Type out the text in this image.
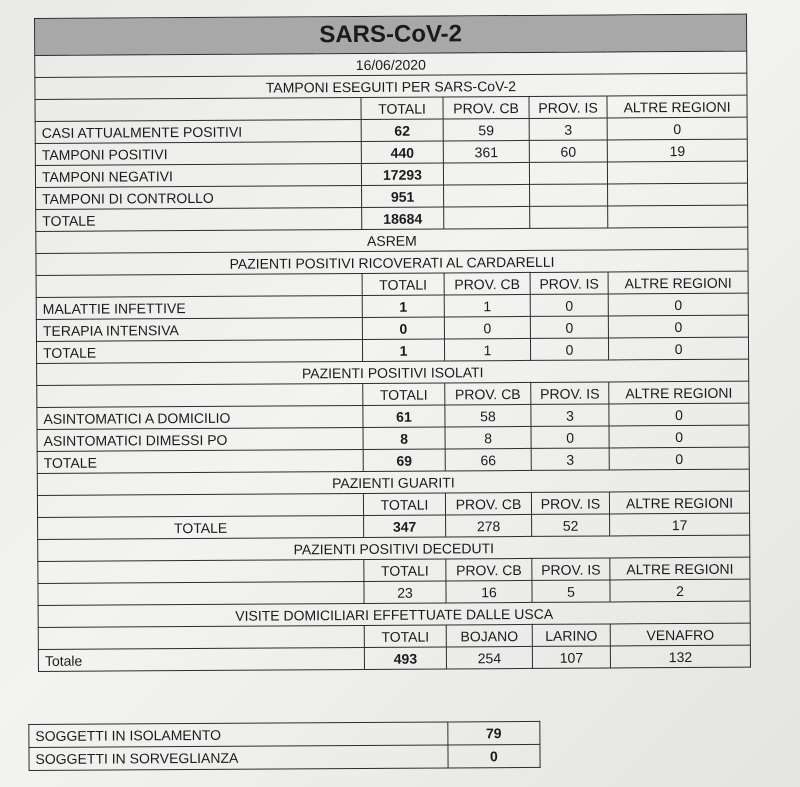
SARS-CoV-2				
16/06/2020				
TAMPONI ESEGUITI PER SARS-CoV-2				
	TOTALI	PROV. CB	PROV. IS	ALTRE REGIONI
CASI ATTUALMENTE POSITIVI	62	59	3	0
TAMPONI POSITIVI	440	361	60	19
TAMPONI NEGATIVI	17293			
TAMPONI DI CONTROLLO	951			
TOTALE	18684			
ASREM				
PAZIENTI POSITIVI RICOVERATI AL CARDARELLI				
	TOTALI	PROV. CB	PROV. IS	ALTRE REGIONI
MALATTIE INFETTIVE	1	1	0	0
TERAPIA INTENSIVA	0	0	0	0
TOTALE	1	1	0	0
PAZIENTI POSITIVI ISOLATI				
	TOTALI	PROV. CB	PROV. IS	ALTRE REGIONI
ASINTOMATICI A DOMICILIO	61	58	3	0
ASINTOMATICI DIMESSI PO	8	8	0	0
TOTALE	69	66	3	0
PAZIENTI GUARITI				
	TOTALI	PROV. CB	PROV. IS	ALTRE REGIONI
TOTALE	347	278	52	17
PAZIENTI POSITIVI DECEDUTI				
	TOTALI	PROV. CB	PROV. IS	ALTRE REGIONI
	23	16	5	2
VISITE DOMICILIARI EFFETTUATE DALLE USCA				
	TOTALI	BOJANO	LARINO	VENAFRO
Totale	493	254	107	132
SOGGETTI IN ISOLAMENTO	79
SOGGETTI IN SORVEGLIANZA	0
